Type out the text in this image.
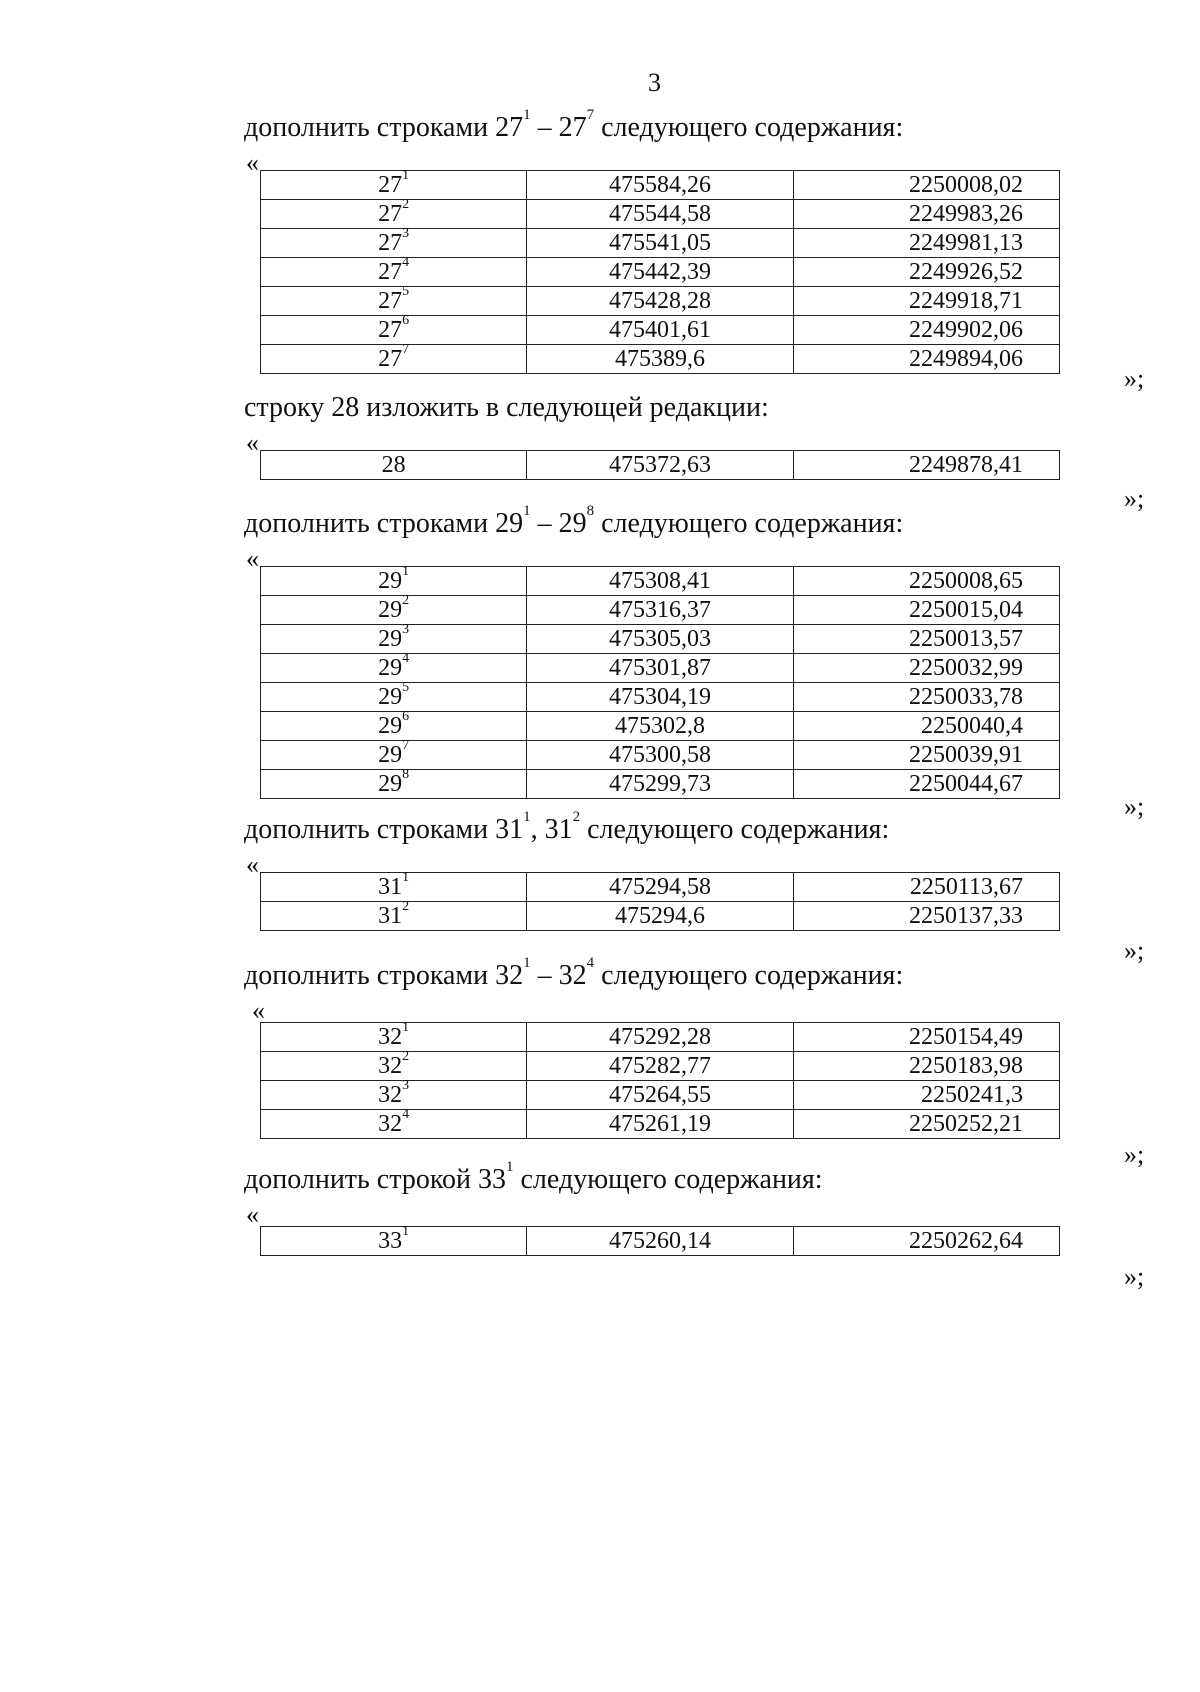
3
дополнить строками $27^1 - 27^7$ следующего содержания:
«
$27^1$	475584,26	2250008,02
$27^2$	475544,58	2249983,26
$27^3$	475541,05	2249981,13
$27^4$	475442,39	2249926,52
$27^5$	475428,28	2249918,71
$27^6$	475401,61	2249902,06
$27^7$	475389,6	2249894,06
»;
строку 28 изложить в следующей редакции:
«
28	475372,63	2249878,41
»;
дополнить строками $29^1 - 29^8$ следующего содержания:
«
$29^1$	475308,41	2250008,65
$29^2$	475316,37	2250015,04
$29^3$	475305,03	2250013,57
$29^4$	475301,87	2250032,99
$29^5$	475304,19	2250033,78
$29^6$	475302,8	2250040,4
$29^7$	475300,58	2250039,91
$29^8$	475299,73	2250044,67
»;
дополнить строками $31^1$, $31^2$ следующего содержания:
«
$31^1$	475294,58	2250113,67
$31^2$	475294,6	2250137,33
»;
дополнить строками $32^1 - 32^4$ следующего содержания:
«
$32^1$	475292,28	2250154,49
$32^2$	475282,77	2250183,98
$32^3$	475264,55	2250241,3
$32^4$	475261,19	2250252,21
»;
дополнить строкой $33^1$ следующего содержания:
«
$33^1$	475260,14	2250262,64
»;
